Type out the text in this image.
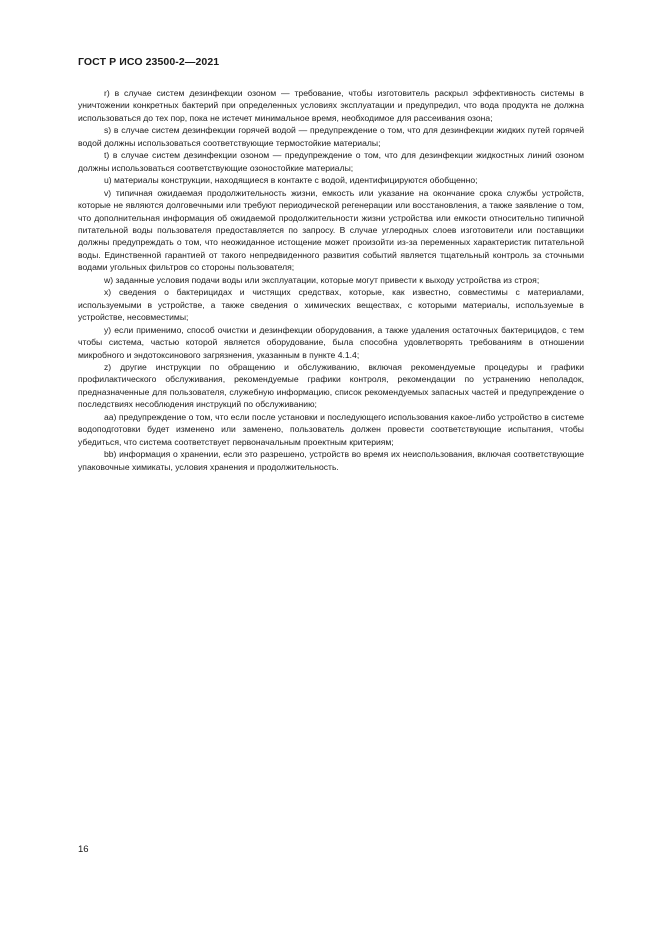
ГОСТ Р ИСО 23500-2—2021

r) в случае систем дезинфекции озоном — требование, чтобы изготовитель раскрыл эффективность системы в уничтожении конкретных бактерий при определенных условиях эксплуатации и предупредил, что вода продукта не должна использоваться до тех пор, пока не истечет минимальное время, необходимое для рассеивания озона;

s) в случае систем дезинфекции горячей водой — предупреждение о том, что для дезинфекции жидких путей горячей водой должны использоваться соответствующие термостойкие материалы;

t) в случае систем дезинфекции озоном — предупреждение о том, что для дезинфекции жидкостных линий озоном должны использоваться соответствующие озоностойкие материалы;

u) материалы конструкции, находящиеся в контакте с водой, идентифицируются обобщенно;

v) типичная ожидаемая продолжительность жизни, емкость или указание на окончание срока службы устройств, которые не являются долговечными или требуют периодической регенерации или восстановления, а также заявление о том, что дополнительная информация об ожидаемой продолжительности жизни устройства или емкости относительно типичной питательной воды пользователя предоставляется по запросу. В случае углеродных слоев изготовители или поставщики должны предупреждать о том, что неожиданное истощение может произойти из-за переменных характеристик питательной воды. Единственной гарантией от такого непредвиденного развития событий является тщательный контроль за сточными водами угольных фильтров со стороны пользователя;

w) заданные условия подачи воды или эксплуатации, которые могут привести к выходу устройства из строя;

x) сведения о бактерицидах и чистящих средствах, которые, как известно, совместимы с материалами, используемыми в устройстве, а также сведения о химических веществах, с которыми материалы, используемые в устройстве, несовместимы;

y) если применимо, способ очистки и дезинфекции оборудования, а также удаления остаточных бактерицидов, с тем чтобы система, частью которой является оборудование, была способна удовлетворять требованиям в отношении микробного и эндотоксинового загрязнения, указанным в пункте 4.1.4;

z) другие инструкции по обращению и обслуживанию, включая рекомендуемые процедуры и графики профилактического обслуживания, рекомендуемые графики контроля, рекомендации по устранению неполадок, предназначенные для пользователя, служебную информацию, список рекомендуемых запасных частей и предупреждение о последствиях несоблюдения инструкций по обслуживанию;

aa) предупреждение о том, что если после установки и последующего использования какое-либо устройство в системе водоподготовки будет изменено или заменено, пользователь должен провести соответствующие испытания, чтобы убедиться, что система соответствует первоначальным проектным критериям;

bb) информация о хранении, если это разрешено, устройств во время их неиспользования, включая соответствующие упаковочные химикаты, условия хранения и продолжительность.

16
